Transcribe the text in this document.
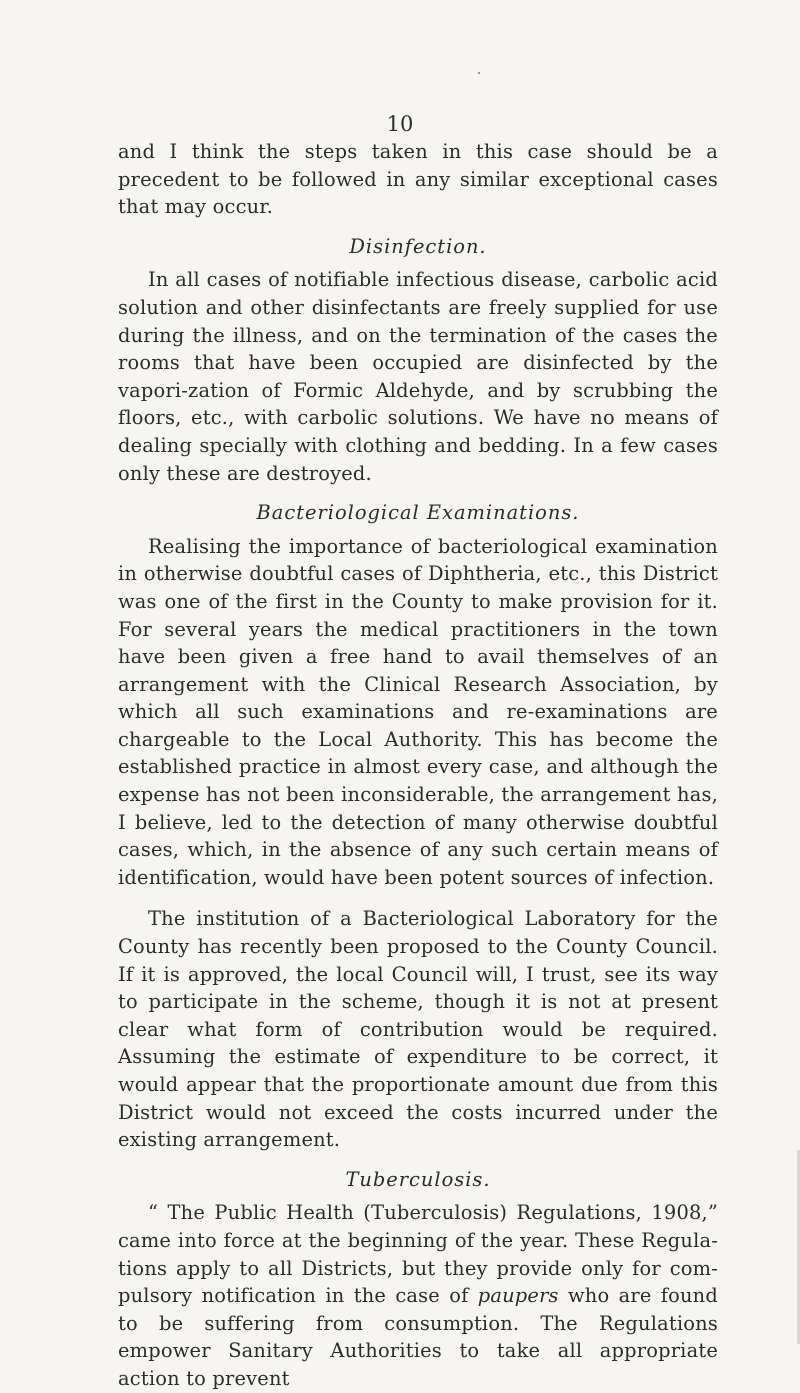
10

and I think the steps taken in this case should be a precedent to be followed in any similar exceptional cases that may occur.

Disinfection.

In all cases of notifiable infectious disease, carbolic acid solution and other disinfectants are freely supplied for use during the illness, and on the termination of the cases the rooms that have been occupied are disinfected by the vapori-zation of Formic Aldehyde, and by scrubbing the floors, etc., with carbolic solutions. We have no means of dealing specially with clothing and bedding. In a few cases only these are destroyed.

Bacteriological Examinations.

Realising the importance of bacteriological examination in otherwise doubtful cases of Diphtheria, etc., this District was one of the first in the County to make provision for it. For several years the medical practitioners in the town have been given a free hand to avail themselves of an arrangement with the Clinical Research Association, by which all such examinations and re-examinations are chargeable to the Local Authority. This has become the established practice in almost every case, and although the expense has not been inconsiderable, the arrangement has, I believe, led to the detection of many otherwise doubtful cases, which, in the absence of any such certain means of identification, would have been potent sources of infection.

The institution of a Bacteriological Laboratory for the County has recently been proposed to the County Council. If it is approved, the local Council will, I trust, see its way to participate in the scheme, though it is not at present clear what form of contribution would be required. Assuming the estimate of expenditure to be correct, it would appear that the proportionate amount due from this District would not exceed the costs incurred under the existing arrangement.

Tuberculosis.

“ The Public Health (Tuberculosis) Regulations, 1908,” came into force at the beginning of the year. These Regula-tions apply to all Districts, but they provide only for com-pulsory notification in the case of paupers who are found to be suffering from consumption. The Regulations empower Sanitary Authorities to take all appropriate action to prevent
